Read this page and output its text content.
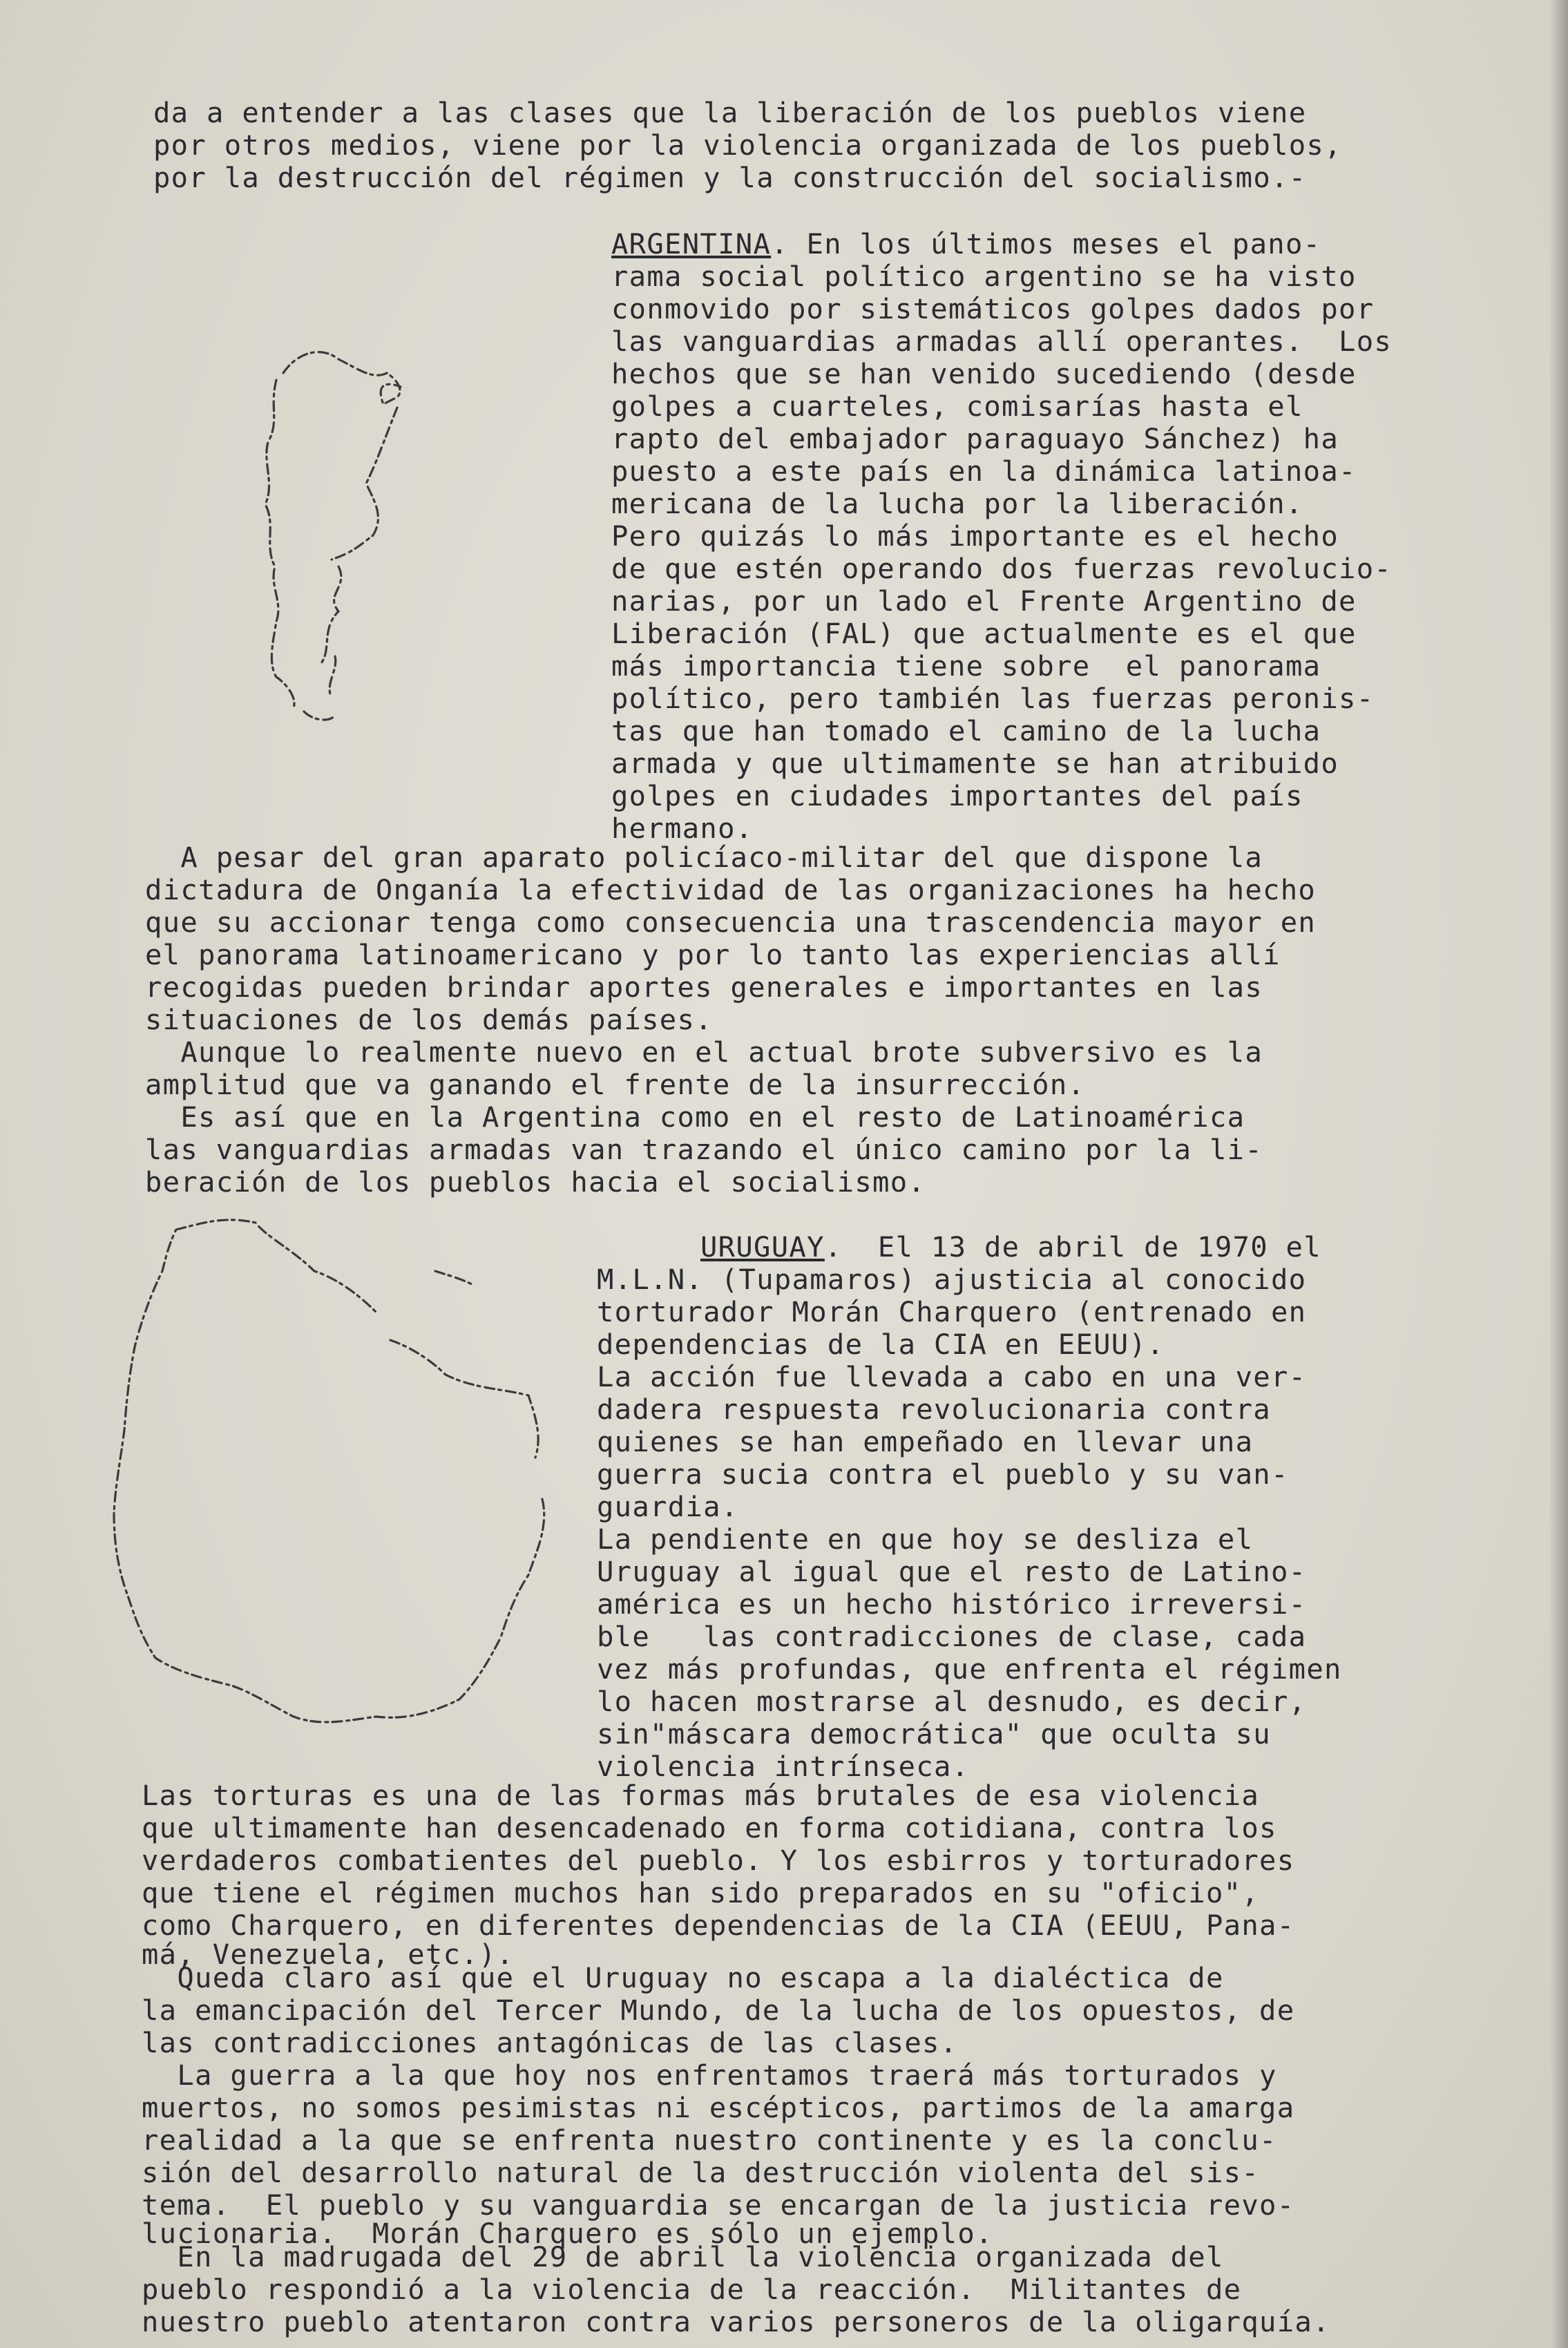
da a entender a las clases que la liberación de los pueblos viene

por otros medios, viene por la violencia organizada de los pueblos,

por la destrucción del régimen y la construcción del socialismo.-

ARGENTINA. En los últimos meses el pano-

rama social político argentino se ha visto

conmovido por sistemáticos golpes dados por

las vanguardias armadas allí operantes.  Los

hechos que se han venido sucediendo (desde

golpes a cuarteles, comisarías hasta el

rapto del embajador paraguayo Sánchez) ha

puesto a este país en la dinámica latinoa-

mericana de la lucha por la liberación.

Pero quizás lo más importante es el hecho

de que estén operando dos fuerzas revolucio-

narias, por un lado el Frente Argentino de

Liberación (FAL) que actualmente es el que

más importancia tiene sobre  el panorama

político, pero también las fuerzas peronis-

tas que han tomado el camino de la lucha

armada y que ultimamente se han atribuido

golpes en ciudades importantes del país

hermano.

A pesar del gran aparato policíaco-militar del que dispone la

dictadura de Onganía la efectividad de las organizaciones ha hecho

que su accionar tenga como consecuencia una trascendencia mayor en

el panorama latinoamericano y por lo tanto las experiencias allí

recogidas pueden brindar aportes generales e importantes en las

situaciones de los demás países.

Aunque lo realmente nuevo en el actual brote subversivo es la

amplitud que va ganando el frente de la insurrección.

Es así que en la Argentina como en el resto de Latinoamérica

las vanguardias armadas van trazando el único camino por la li-

beración de los pueblos hacia el socialismo.

URUGUAY.  El 13 de abril de 1970 el

M.L.N. (Tupamaros) ajusticia al conocido

torturador Morán Charquero (entrenado en

dependencias de la CIA en EEUU).

La acción fue llevada a cabo en una ver-

dadera respuesta revolucionaria contra

quienes se han empeñado en llevar una

guerra sucia contra el pueblo y su van-

guardia.

La pendiente en que hoy se desliza el

Uruguay al igual que el resto de Latino-

américa es un hecho histórico irreversi-

ble   las contradicciones de clase, cada

vez más profundas, que enfrenta el régimen

lo hacen mostrarse al desnudo, es decir,

sin"máscara democrática" que oculta su

violencia intrínseca.

Las torturas es una de las formas más brutales de esa violencia

que ultimamente han desencadenado en forma cotidiana, contra los

verdaderos combatientes del pueblo. Y los esbirros y torturadores

que tiene el régimen muchos han sido preparados en su "oficio",

como Charquero, en diferentes dependencias de la CIA (EEUU, Pana-

má, Venezuela, etc.).

Queda claro así que el Uruguay no escapa a la dialéctica de

la emancipación del Tercer Mundo, de la lucha de los opuestos, de

las contradicciones antagónicas de las clases.

La guerra a la que hoy nos enfrentamos traerá más torturados y

muertos, no somos pesimistas ni escépticos, partimos de la amarga

realidad a la que se enfrenta nuestro continente y es la conclu-

sión del desarrollo natural de la destrucción violenta del sis-

tema.  El pueblo y su vanguardia se encargan de la justicia revo-

lucionaria.  Morán Charquero es sólo un ejemplo.

En la madrugada del 29 de abril la violencia organizada del

pueblo respondió a la violencia de la reacción.  Militantes de

nuestro pueblo atentaron contra varios personeros de la oligarquía.
